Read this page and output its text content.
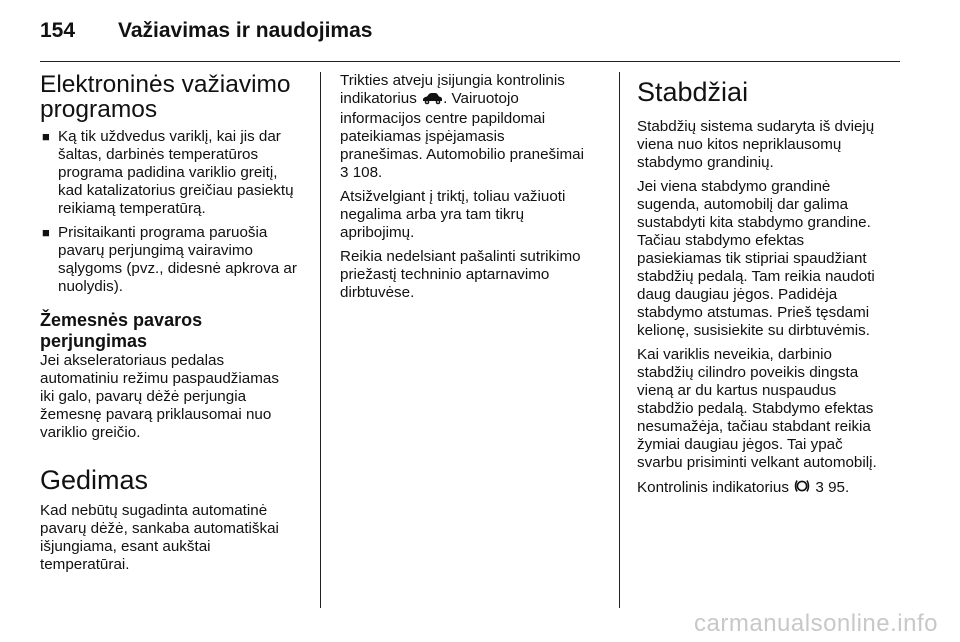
154	Važiavimas ir naudojimas
Elektroninės važiavimo
programos
■ Ką tik uždvedus variklį, kai jis dar
šaltas, darbinės temperatūros
programa padidina variklio greitį,
kad katalizatorius greičiau pasiektų
reikiamą temperatūrą.
■ Prisitaikanti programa paruošia
pavarų perjungimą vairavimo
sąlygoms (pvz., didesnė apkrova ar
nuolydis).
Žemesnės pavaros
perjungimas

Jei akseleratoriaus pedalas
automatiniu režimu paspaudžiamas
iki galo, pavarų dėžė perjungia
žemesnę pavarą priklausomai nuo
variklio greičio.

Gedimas

Kad nebūtų sugadinta automatinė
pavarų dėžė, sankaba automatiškai
išjungiama, esant aukštai
temperatūrai.

Trikties atveju įsijungia kontrolinis
indikatorius . Vairuotojo
informacijos centre papildomai
pateikiamas įspėjamasis
pranešimas. Automobilio pranešimai
3 108.

Atsižvelgiant į triktį, toliau važiuoti
negalima arba yra tam tikrų
apribojimų.

Reikia nedelsiant pašalinti sutrikimo
priežastį techninio aptarnavimo
dirbtuvėse.

Stabdžiai

Stabdžių sistema sudaryta iš dviejų
viena nuo kitos nepriklausomų
stabdymo grandinių.

Jei viena stabdymo grandinė
sugenda, automobilį dar galima
sustabdyti kita stabdymo grandine.
Tačiau stabdymo efektas
pasiekiamas tik stipriai spaudžiant
stabdžių pedalą. Tam reikia naudoti
daug daugiau jėgos. Padidėja
stabdymo atstumas. Prieš tęsdami
kelionę, susisiekite su dirbtuvėmis.

Kai variklis neveikia, darbinio
stabdžių cilindro poveikis dingsta
vieną ar du kartus nuspaudus
stabdžio pedalą. Stabdymo efektas
nesumažėja, tačiau stabdant reikia
žymiai daugiau jėgos. Tai ypač
svarbu prisiminti velkant automobilį.

Kontrolinis indikatorius 3 95.

carmanualsonline.info
